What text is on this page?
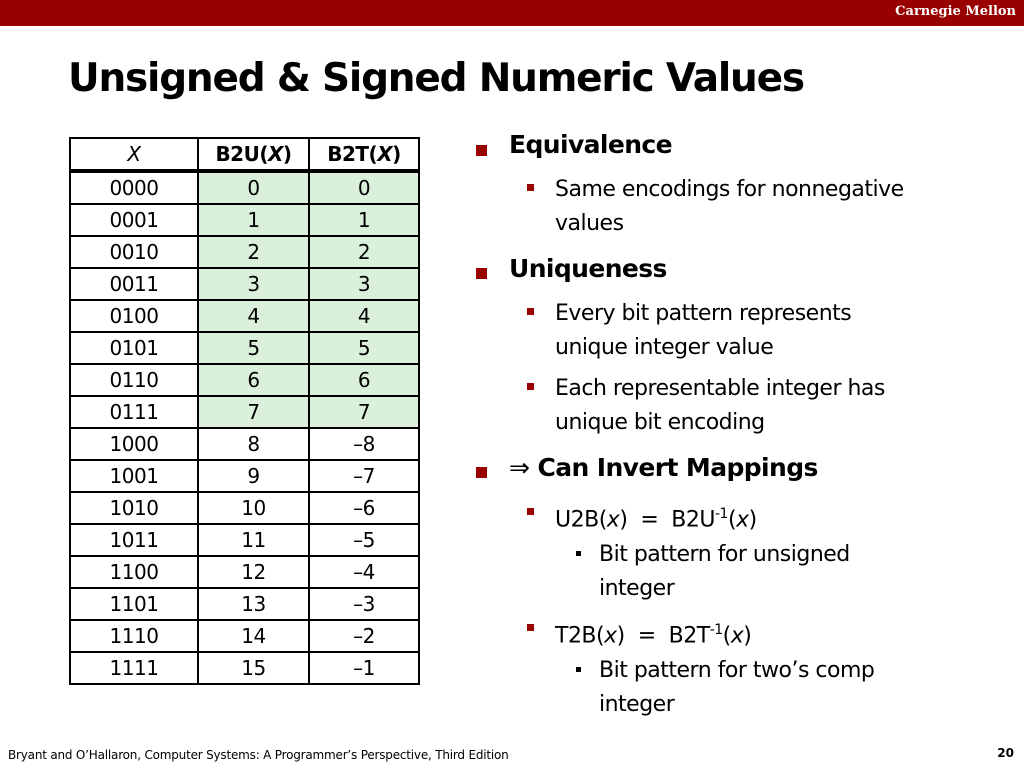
Carnegie Mellon
Unsigned & Signed Numeric Values
X	B2U(X)	B2T(X)
0000	0	0
0001	1	1
0010	2	2
0011	3	3
0100	4	4
0101	5	5
0110	6	6
0111	7	7
1000	8	–8
1001	9	–7
1010	10	–6
1011	11	–5
1100	12	–4
1101	13	–3
1110	14	–2
1111	15	–1
Equivalence
Same encodings for nonnegative
values
Uniqueness
Every bit pattern represents
unique integer value
Each representable integer has
unique bit encoding
⇒ Can Invert Mappings
$U2B(x) = B2U^{-1}(x)$
Bit pattern for unsigned
integer
$T2B(x) = B2T^{-1}(x)$
Bit pattern for two’s comp
integer
Bryant and O’Hallaron, Computer Systems: A Programmer’s Perspective, Third Edition	20
